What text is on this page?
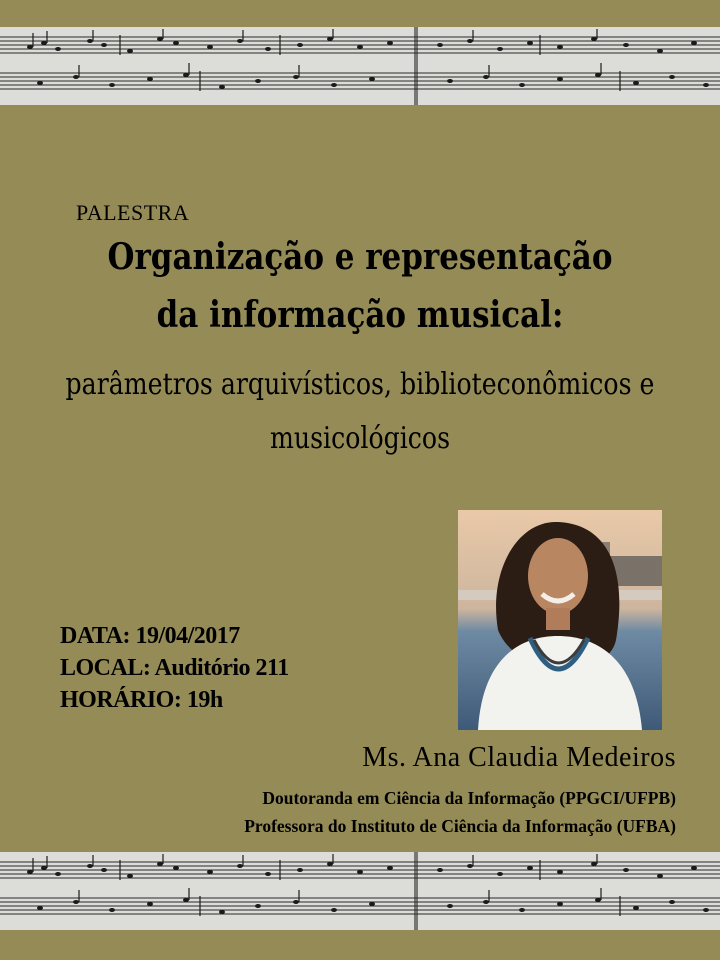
PALESTRA
Organização e representação
da informação musical:
parâmetros arquivísticos, biblioteconômicos e
musicológicos
DATA: 19/04/2017
LOCAL: Auditório 211
HORÁRIO: 19h
Ms. Ana Claudia Medeiros
Doutoranda em Ciência da Informação (PPGCI/UFPB)
Professora do Instituto de Ciência da Informação (UFBA)
